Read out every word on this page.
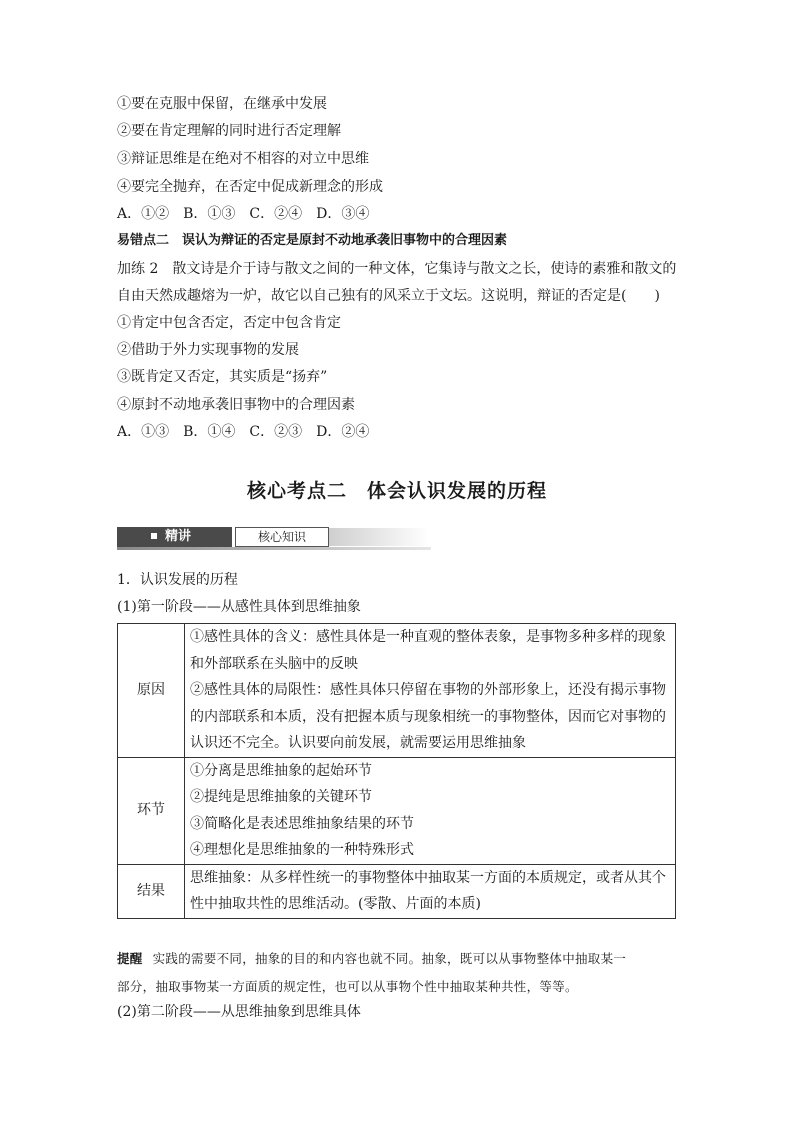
①要在克服中保留，在继承中发展
②要在肯定理解的同时进行否定理解
③辩证思维是在绝对不相容的对立中思维
④要完全抛弃，在否定中促成新理念的形成
A．①②　B．①③　C．②④　D．③④
易错点二　误认为辩证的否定是原封不动地承袭旧事物中的合理因素
加练 2　散文诗是介于诗与散文之间的一种文体，它集诗与散文之长，使诗的素雅和散文的
自由天然成趣熔为一炉，故它以自己独有的风采立于文坛。这说明，辩证的否定是(　　)
①肯定中包含否定，否定中包含肯定
②借助于外力实现事物的发展
③既肯定又否定，其实质是“扬弃”
④原封不动地承袭旧事物中的合理因素
A．①③　B．①④　C．②③　D．②④
核心考点二　体会认识发展的历程
精讲	核心知识
1．认识发展的历程
(1)第一阶段——从感性具体到思维抽象
原因	①感性具体的含义：感性具体是一种直观的整体表象，是事物多种多样的现象
和外部联系在头脑中的反映
②感性具体的局限性：感性具体只停留在事物的外部形象上，还没有揭示事物
的内部联系和本质，没有把握本质与现象相统一的事物整体，因而它对事物的
认识还不完全。认识要向前发展，就需要运用思维抽象

环节	①分离是思维抽象的起始环节
②提纯是思维抽象的关键环节
③简略化是表述思维抽象结果的环节
④理想化是思维抽象的一种特殊形式

结果	思维抽象：从多样性统一的事物整体中抽取某一方面的本质规定，或者从其个
性中抽取共性的思维活动。(零散、片面的本质)
提醒 实践的需要不同，抽象的目的和内容也就不同。抽象，既可以从事物整体中抽取某一
部分，抽取事物某一方面质的规定性，也可以从事物个性中抽取某种共性，等等。
(2)第二阶段——从思维抽象到思维具体
